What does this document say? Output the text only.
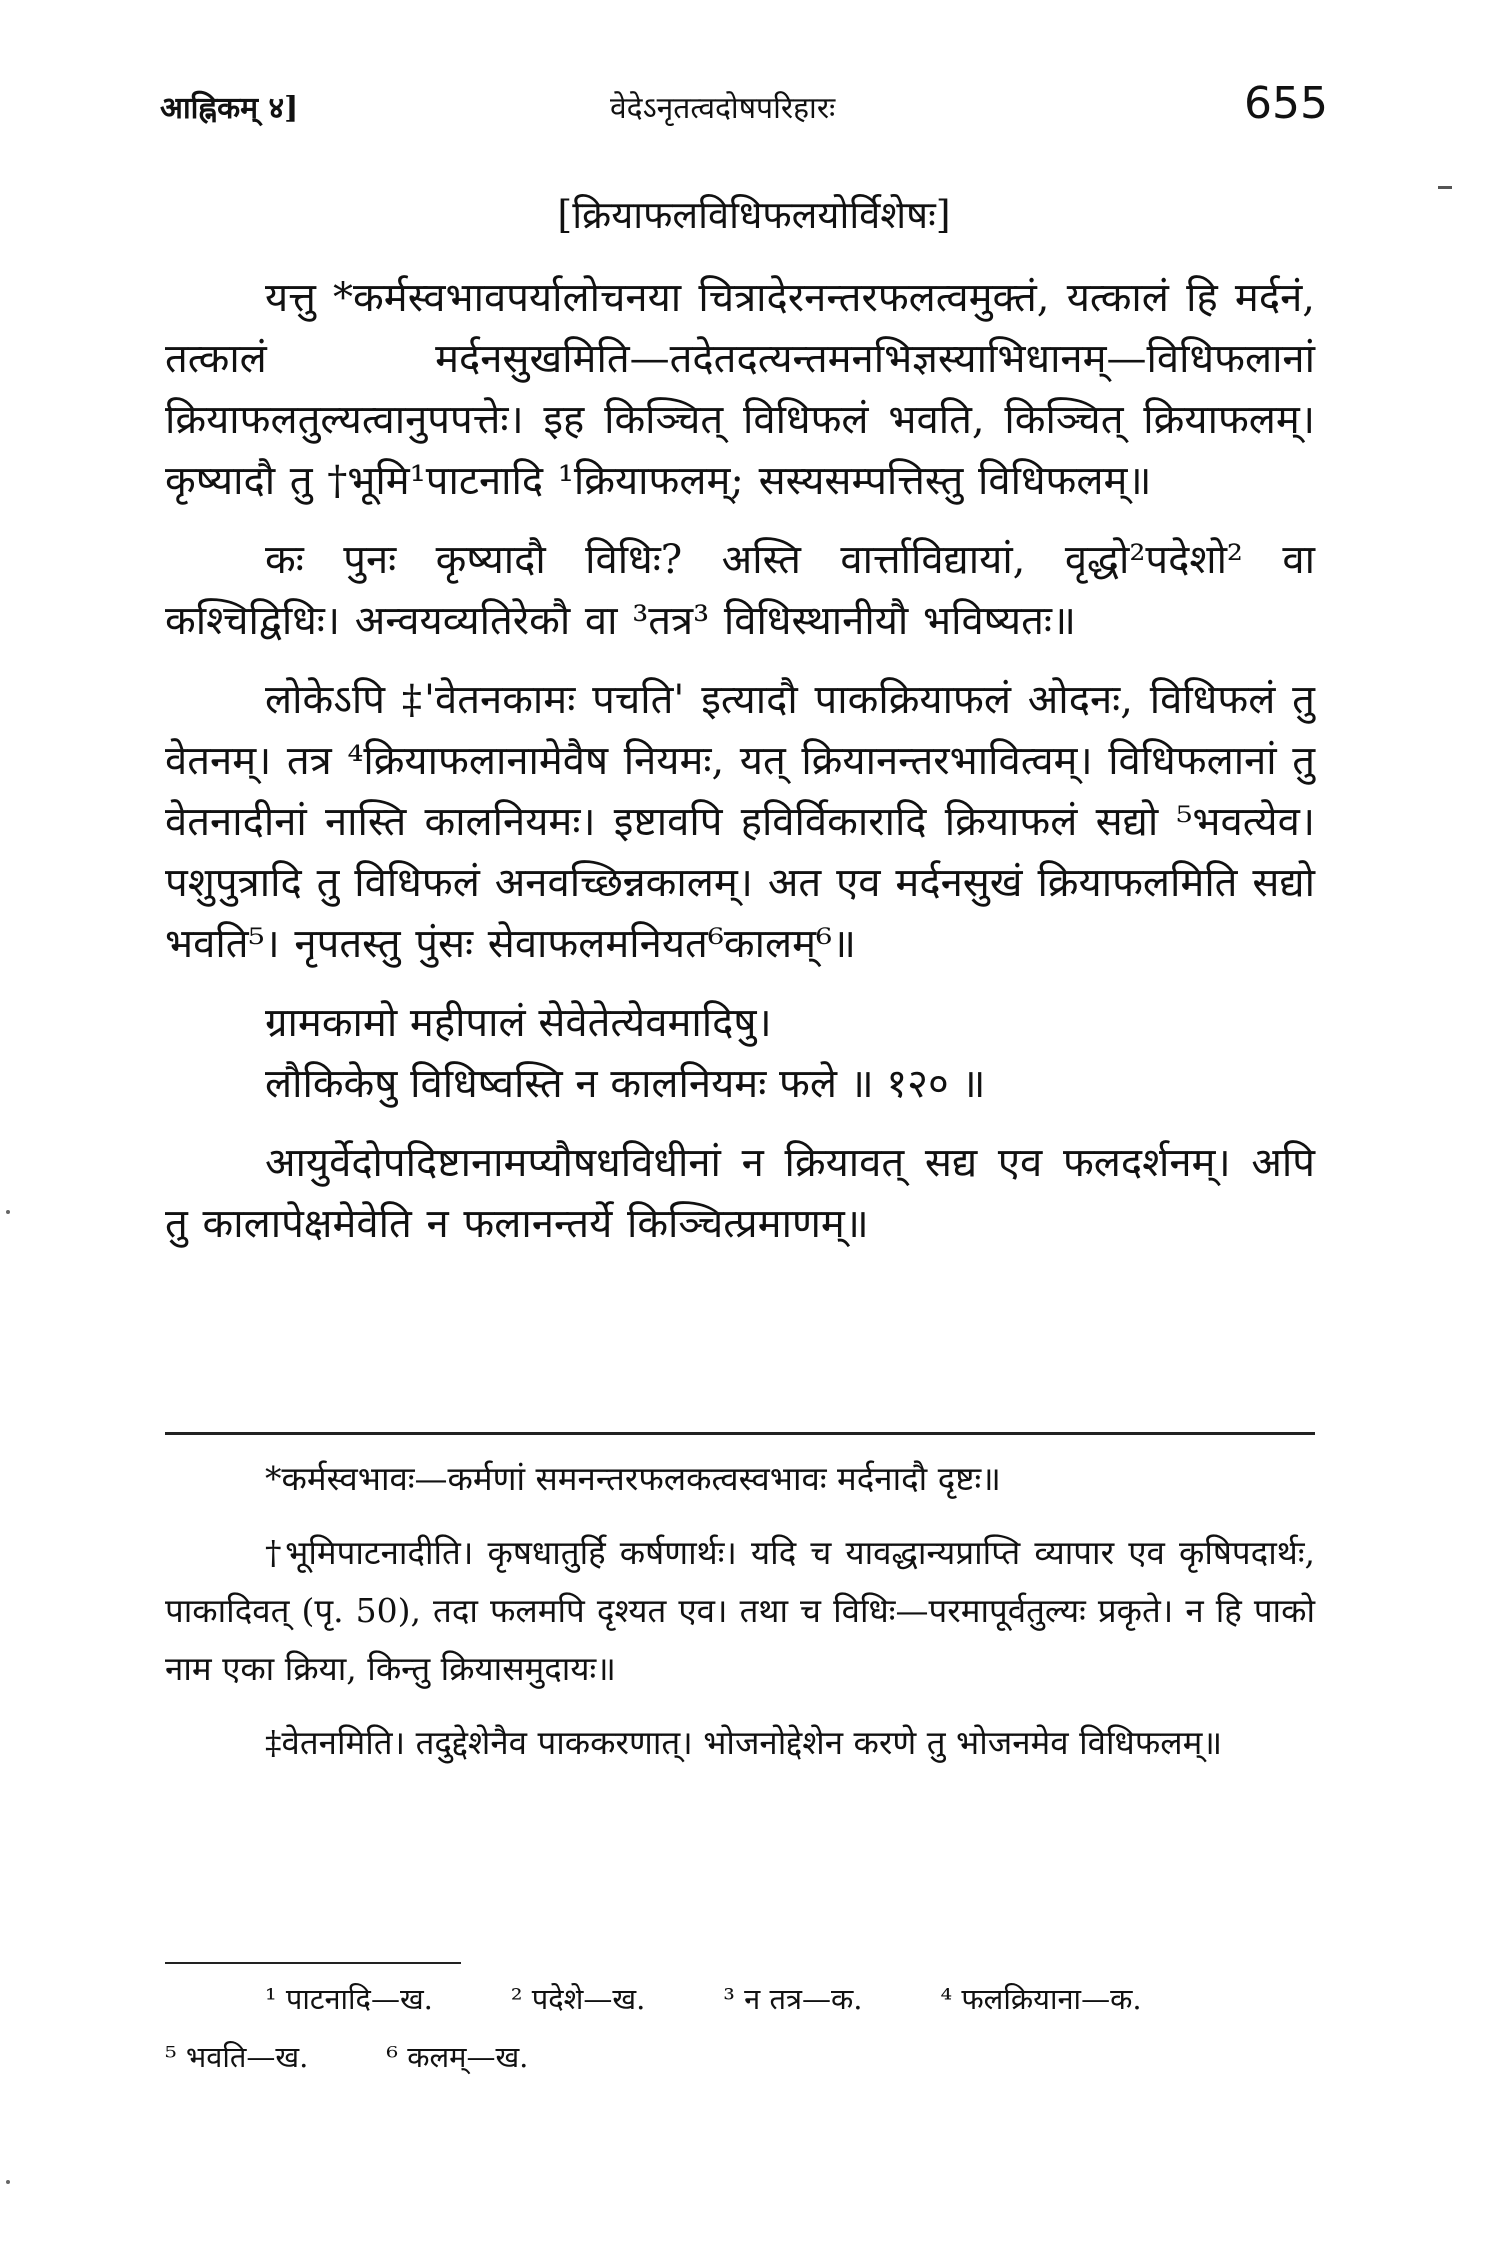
आह्निकम् ४]	वेदेऽनृतत्वदोषपरिहारः	655
[क्रियाफलविधिफलयोर्विशेषः]

यत्तु *कर्मस्वभावपर्यालोचनया चित्रादेरनन्तरफलत्वमुक्तं, यत्कालं हि मर्दनं, तत्कालं मर्दनसुखमिति—तदेतदत्यन्तमनभिज्ञस्याभिधानम्—विधिफलानां क्रियाफलतुल्यत्वानुपपत्तेः। इह किञ्चित् विधिफलं भवति, किञ्चित् क्रियाफलम्। कृष्यादौ तु †भूमि¹पाटनादि ¹क्रियाफलम्; सस्यसम्पत्तिस्तु विधिफलम्॥

कः पुनः कृष्यादौ विधिः? अस्ति वार्त्ताविद्यायां, वृद्धो²पदेशो² वा कश्चिद्विधिः। अन्वयव्यतिरेकौ वा ³तत्र³ विधिस्थानीयौ भविष्यतः॥

लोकेऽपि ‡'वेतनकामः पचति' इत्यादौ पाकक्रियाफलं ओदनः, विधिफलं तु वेतनम्। तत्र ⁴क्रियाफलानामेवैष नियमः, यत् क्रियानन्तरभावित्वम्। विधिफलानां तु वेतनादीनां नास्ति कालनियमः। इष्टावपि हविर्विकारादि क्रियाफलं सद्यो ⁵भवत्येव। पशुपुत्रादि तु विधिफलं अनवच्छिन्नकालम्। अत एव मर्दनसुखं क्रियाफलमिति सद्यो भवति⁵। नृपतस्तु पुंसः सेवाफलमनियत⁶कालम्⁶॥

ग्रामकामो महीपालं सेवेतेत्येवमादिषु।

लौकिकेषु विधिष्वस्ति न कालनियमः फले ॥ १२० ॥

आयुर्वेदोपदिष्टानामप्यौषधविधीनां न क्रियावत् सद्य एव फलदर्शनम्। अपि तु कालापेक्षमेवेति न फलानन्तर्ये किञ्चित्प्रमाणम्॥

*कर्मस्वभावः—कर्मणां समनन्तरफलकत्वस्वभावः मर्दनादौ दृष्टः॥

†भूमिपाटनादीति। कृषधातुर्हि कर्षणार्थः। यदि च यावद्धान्यप्राप्ति व्यापार एव कृषिपदार्थः, पाकादिवत् (पृ. 50), तदा फलमपि दृश्यत एव। तथा च विधिः—परमापूर्वतुल्यः प्रकृते। न हि पाको नाम एका क्रिया, किन्तु क्रियासमुदायः॥

‡वेतनमिति। तदुद्देशेनैव पाककरणात्। भोजनोद्देशेन करणे तु भोजनमेव विधिफलम्॥

¹ पाटनादि—ख.	² पदेशे—ख.	³ न तत्र—क.	⁴ फलक्रियाना—क.
⁵ भवति—ख.	⁶ कलम्—ख.
